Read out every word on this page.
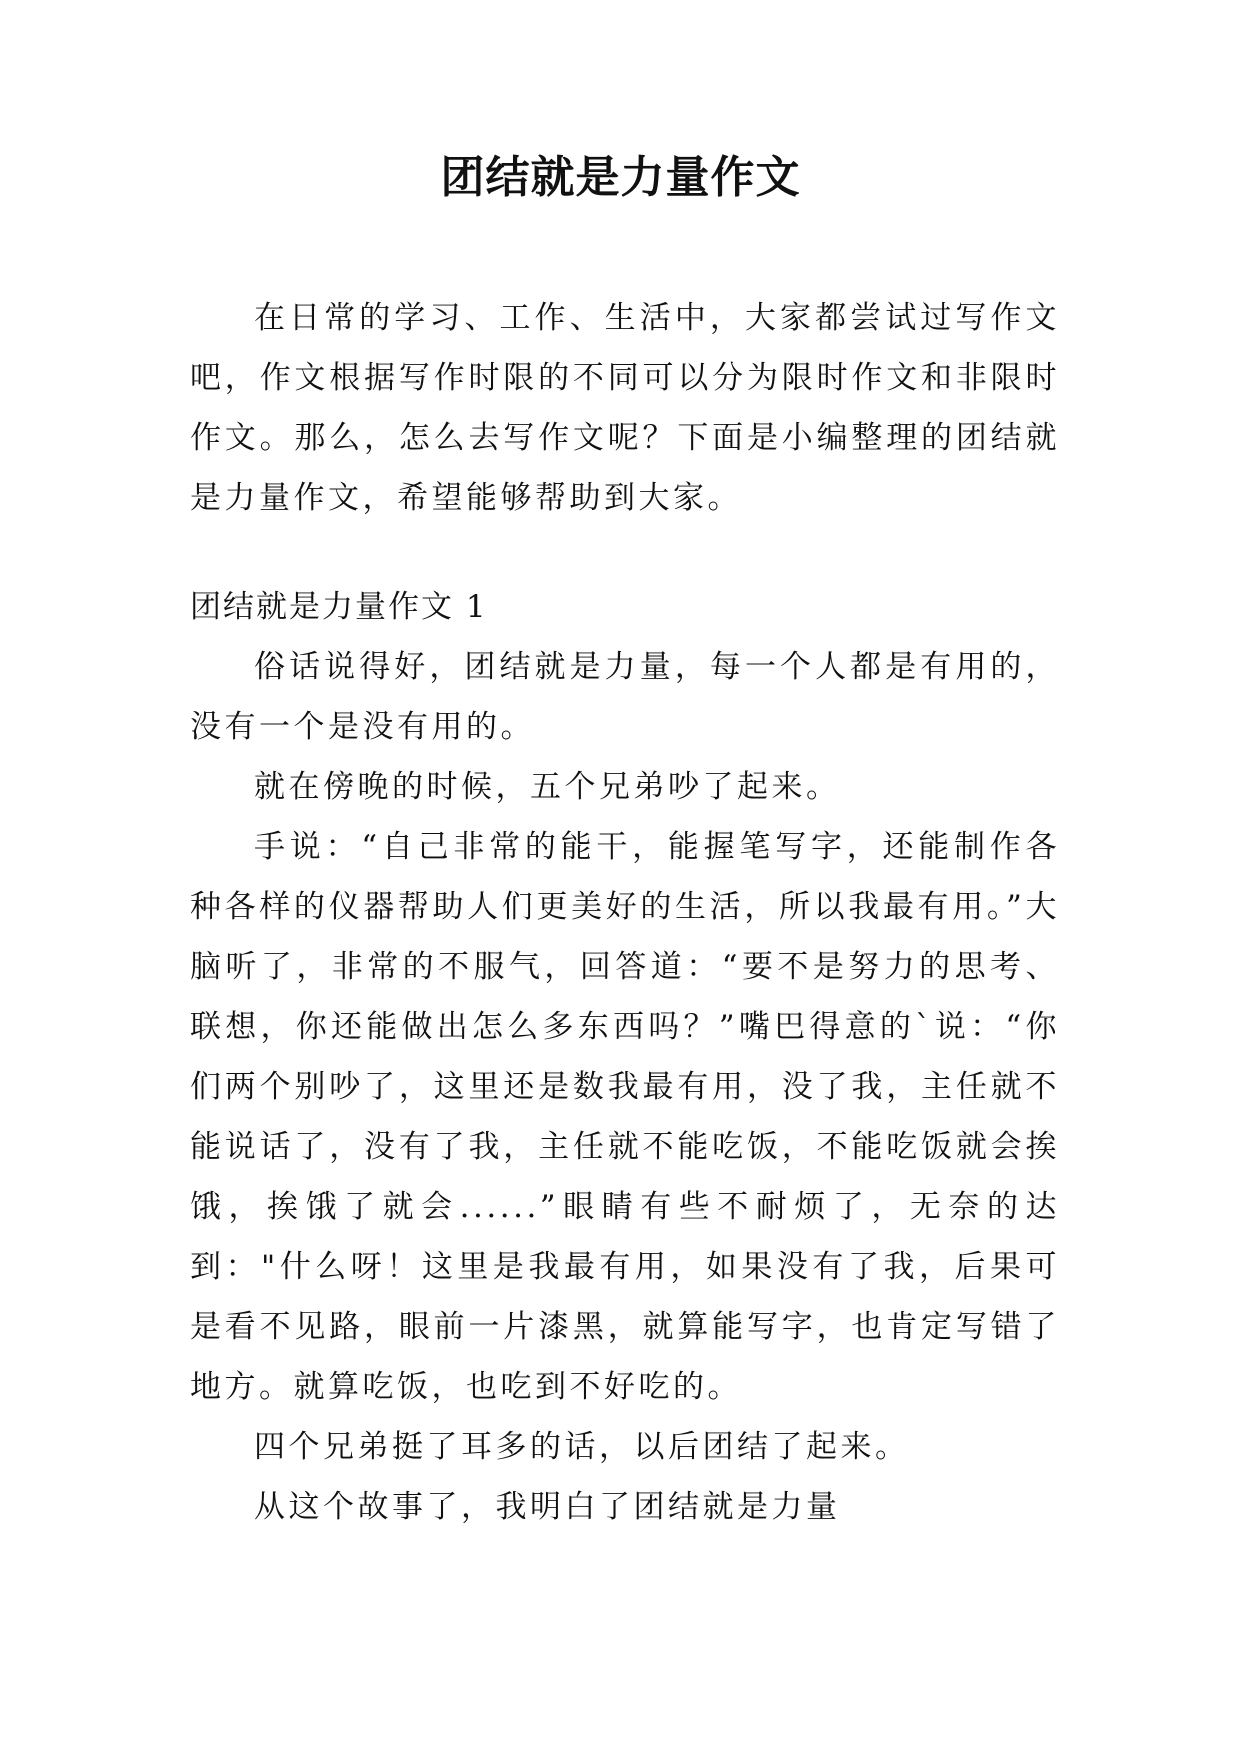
团结就是力量作文

在日常的学习、工作、生活中，大家都尝试过写作文吧，作文根据写作时限的不同可以分为限时作文和非限时作文。那么，怎么去写作文呢？下面是小编整理的团结就是力量作文，希望能够帮助到大家。

团结就是力量作文 1

俗话说得好，团结就是力量，每一个人都是有用的，没有一个是没有用的。

就在傍晚的时候，五个兄弟吵了起来。

手说：“自己非常的能干，能握笔写字，还能制作各种各样的仪器帮助人们更美好的生活，所以我最有用。”大脑听了，非常的不服气，回答道：“要不是努力的思考、联想，你还能做出怎么多东西吗？”嘴巴得意的`说：“你们两个别吵了，这里还是数我最有用，没了我，主任就不能说话了，没有了我，主任就不能吃饭，不能吃饭就会挨饿，挨饿了就会......”眼睛有些不耐烦了，无奈的达到："什么呀！这里是我最有用，如果没有了我，后果可是看不见路，眼前一片漆黑，就算能写字，也肯定写错了地方。就算吃饭，也吃到不好吃的。

四个兄弟挺了耳多的话，以后团结了起来。

从这个故事了，我明白了团结就是力量
